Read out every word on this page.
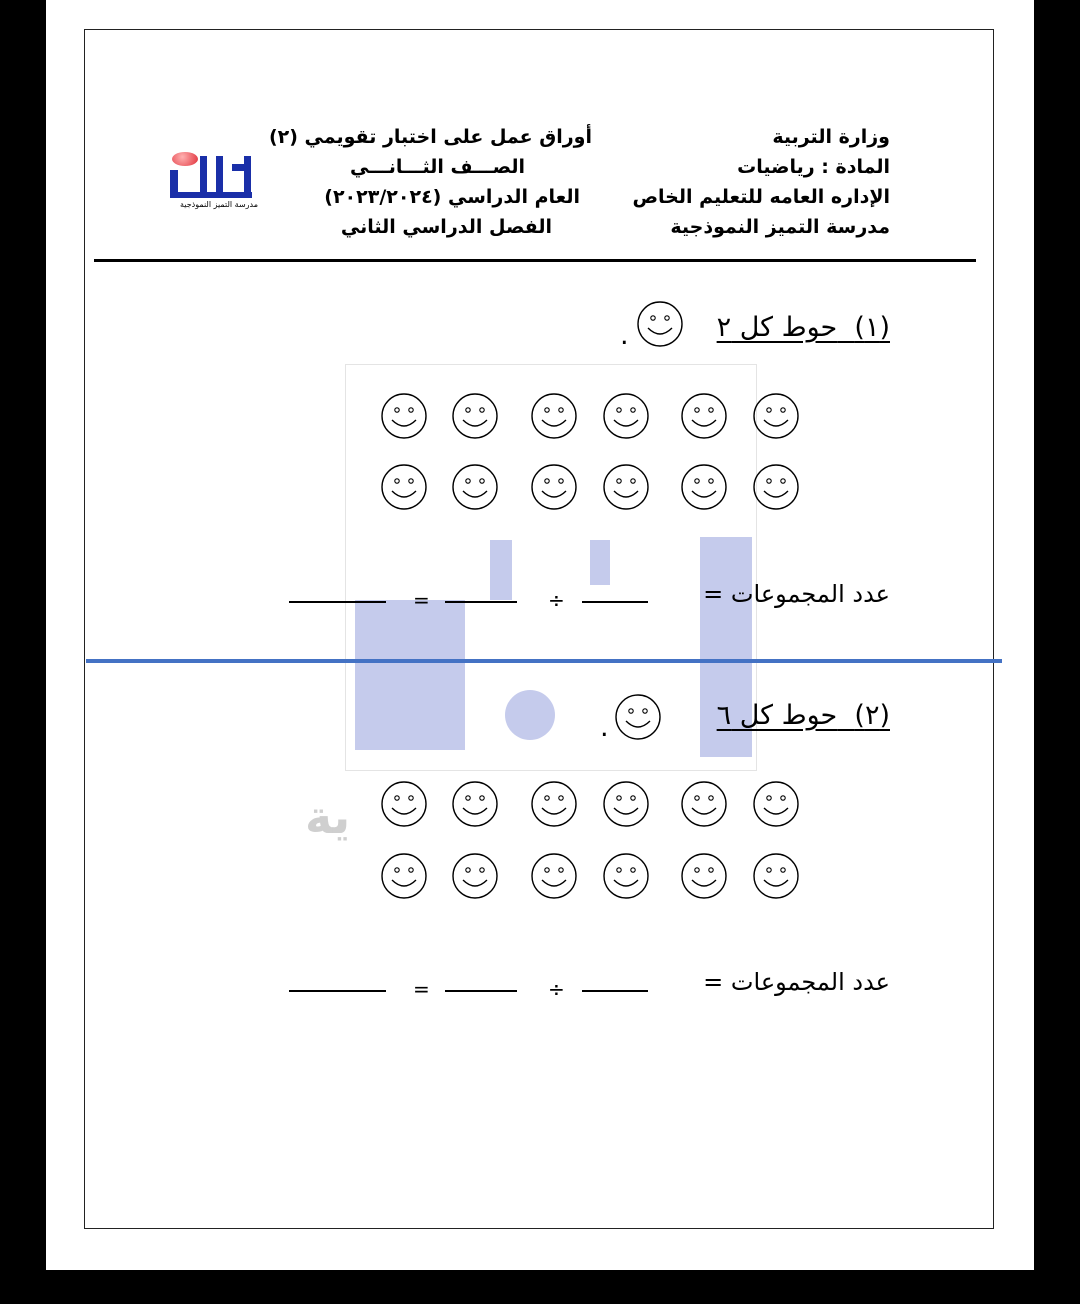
ية
وزارة التربية
المادة : رياضيات
الإداره العامه للتعليم الخاص
مدرسة التميز النموذجية
أوراق عمل على اختبار تقويمي (٢)
الصـــف الثـــانـــي
العام الدراسي (٢٠٢٣/٢٠٢٤)
الفصل الدراسي الثاني
مدرسة التميز النموذجية
(١)  حوط كل ٢
.
عدد المجموعات =
÷
=
(٢)  حوط كل ٦
.
عدد المجموعات =
÷
=
